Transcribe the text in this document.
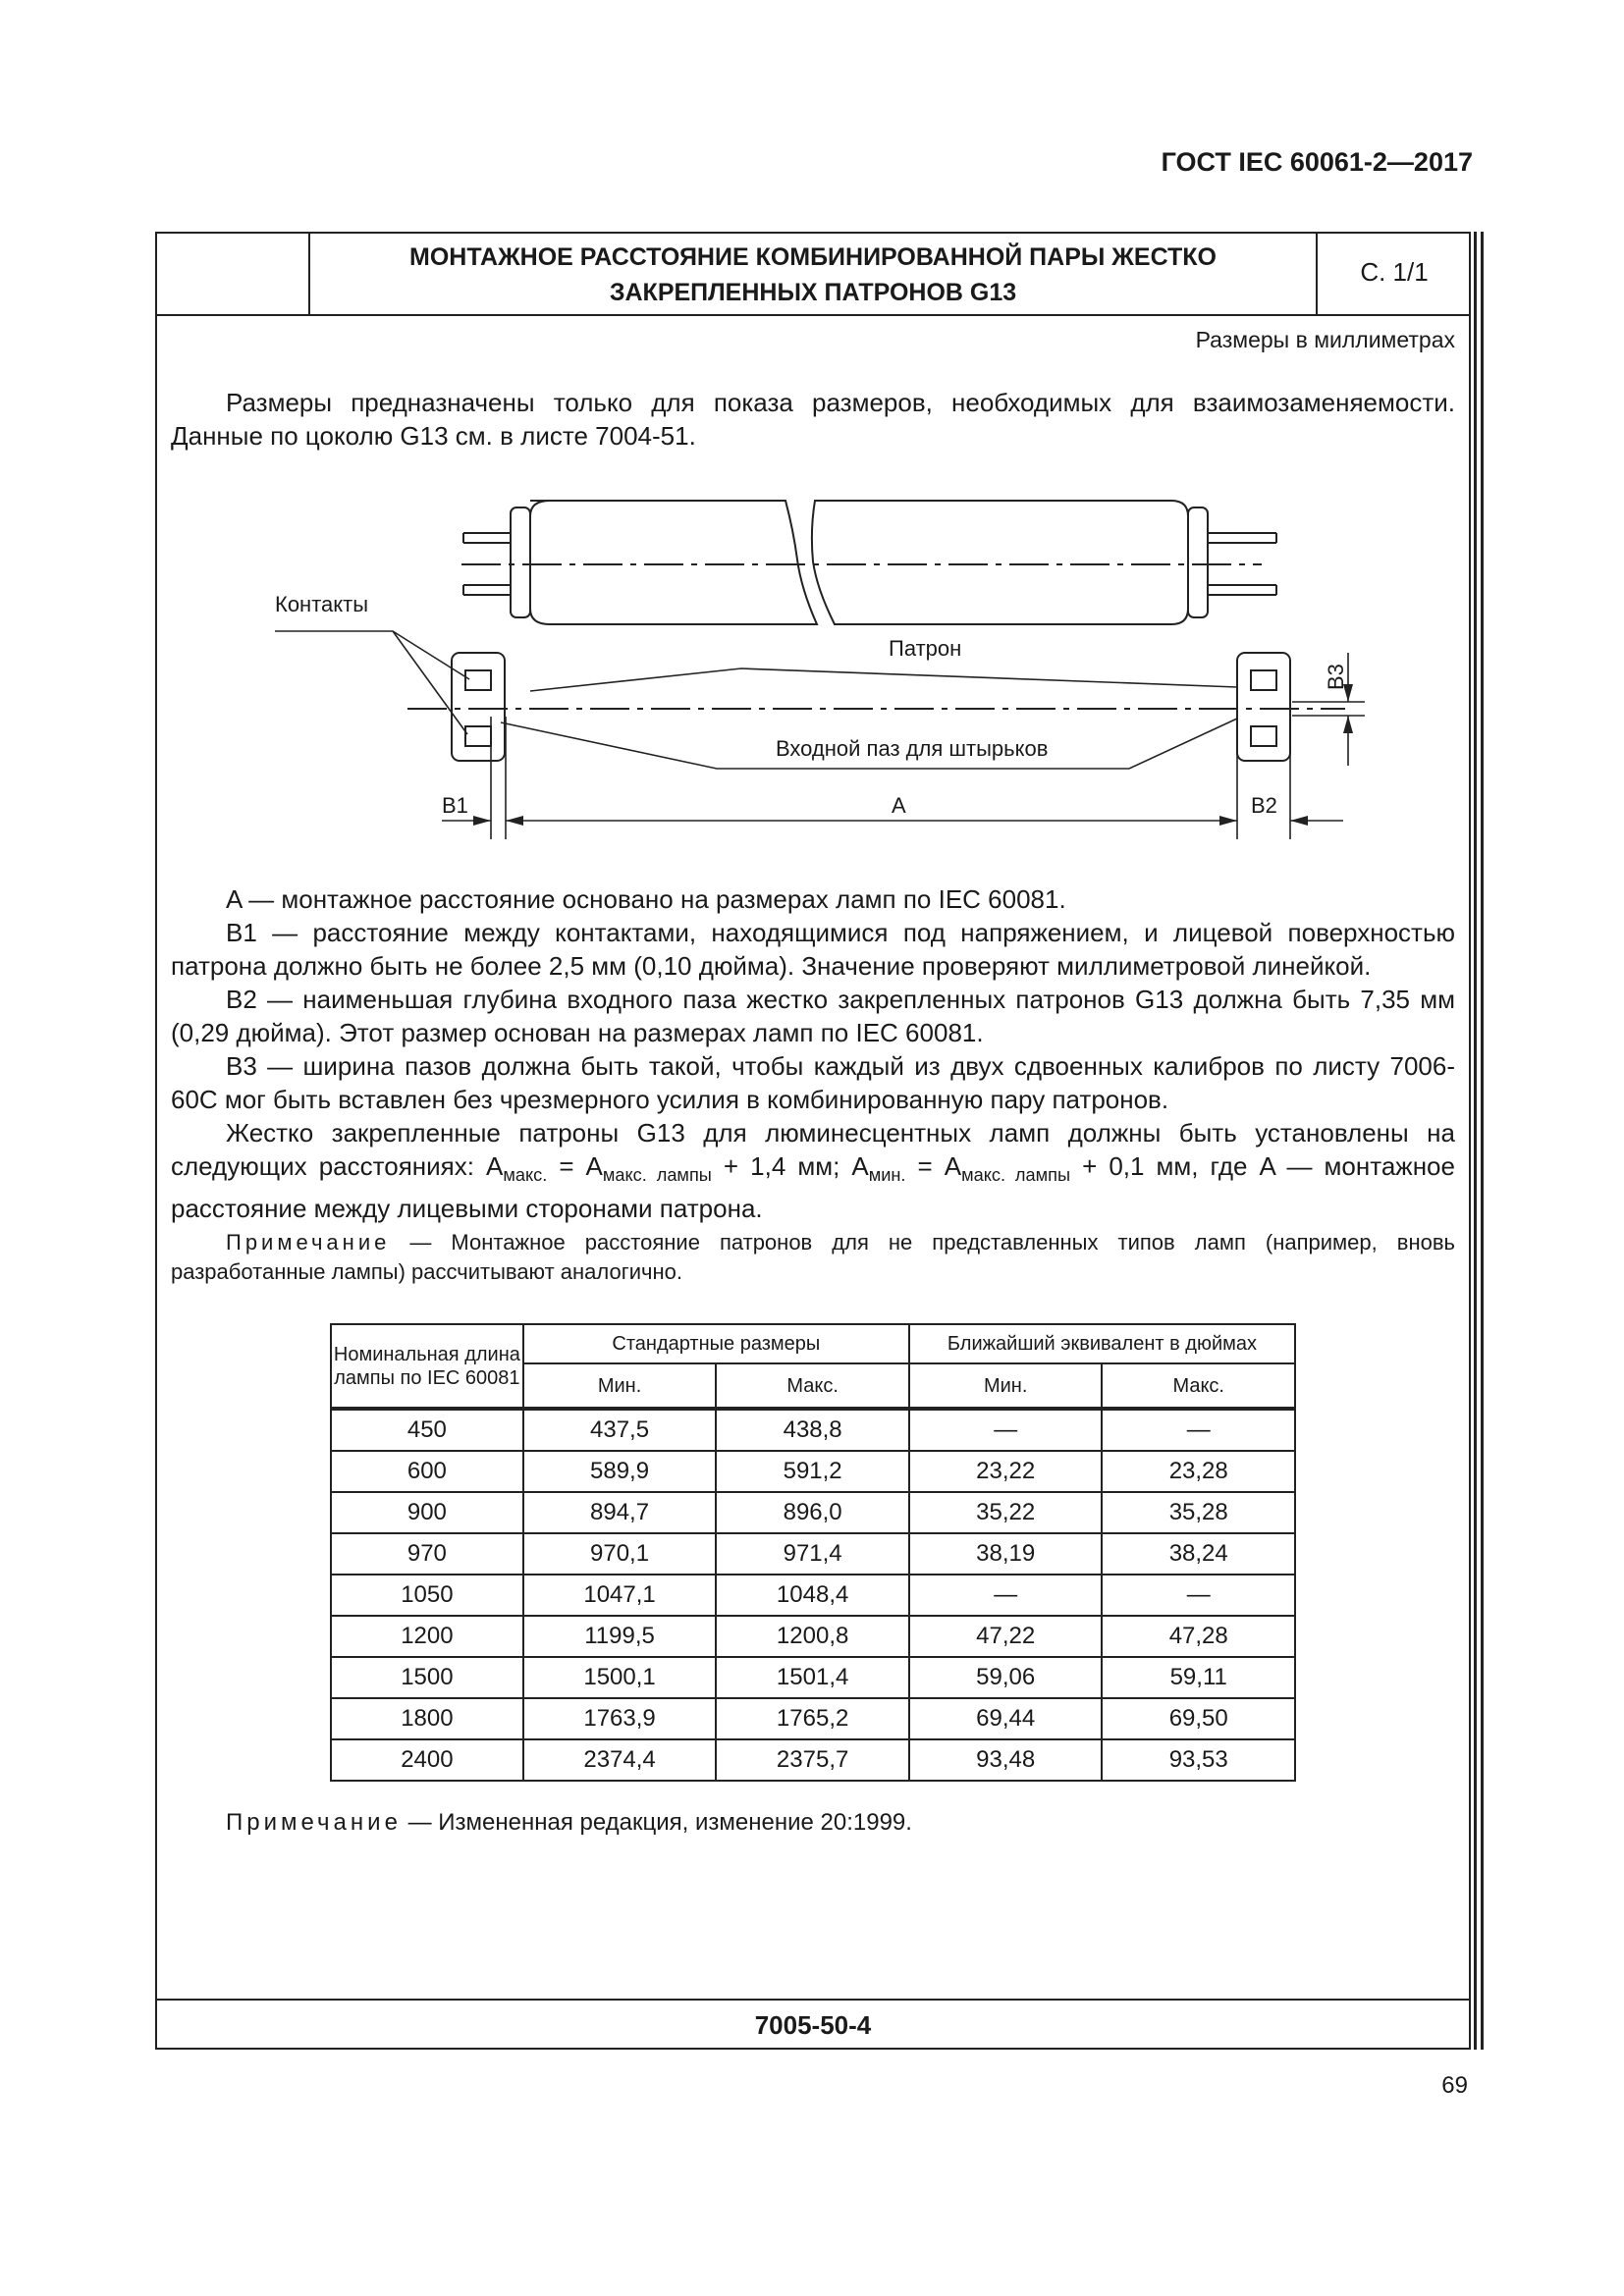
ГОСТ IEC 60061-2—2017
МОНТАЖНОЕ РАССТОЯНИЕ КОМБИНИРОВАННОЙ ПАРЫ ЖЕСТКО
ЗАКРЕПЛЕННЫХ ПАТРОНОВ G13
С. 1/1
Размеры в миллиметрах
Размеры предназначены только для показа размеров, необходимых для взаимозаменяемости. Данные по цоколю G13 см. в листе 7004-51.
Контакты
Патрон
Входной паз для штырьков
B1	A	B2
B3
A — монтажное расстояние основано на размерах ламп по IEC 60081.
B1 — расстояние между контактами, находящимися под напряжением, и лицевой поверхностью патрона должно быть не более 2,5 мм (0,10 дюйма). Значение проверяют миллиметровой линейкой.
B2 — наименьшая глубина входного паза жестко закрепленных патронов G13 должна быть 7,35 мм (0,29 дюйма). Этот размер основан на размерах ламп по IEC 60081.
B3 — ширина пазов должна быть такой, чтобы каждый из двух сдвоенных калибров по листу 7006-60C мог быть вставлен без чрезмерного усилия в комбинированную пару патронов.
Жестко закрепленные патроны G13 для люминесцентных ламп должны быть установлены на следующих расстояниях: $A_{макс.} = A_{макс. лампы} + 1,4$ мм; $A_{мин.} = A_{макс. лампы} + 0,1$ мм, где A — монтажное расстояние между лицевыми сторонами патрона.
Примечание — Монтажное расстояние патронов для не представленных типов ламп (например, вновь разработанные лампы) рассчитывают аналогично.
Номинальная длина лампы по IEC 60081	Стандартные размеры		Ближайший эквивалент в дюймах	
	Мин.	Макс.	Мин.	Макс.
450	437,5	438,8	—	—
600	589,9	591,2	23,22	23,28
900	894,7	896,0	35,22	35,28
970	970,1	971,4	38,19	38,24
1050	1047,1	1048,4	—	—
1200	1199,5	1200,8	47,22	47,28
1500	1500,1	1501,4	59,06	59,11
1800	1763,9	1765,2	69,44	69,50
2400	2374,4	2375,7	93,48	93,53
Примечание — Измененная редакция, изменение 20:1999.
7005-50-4
69
